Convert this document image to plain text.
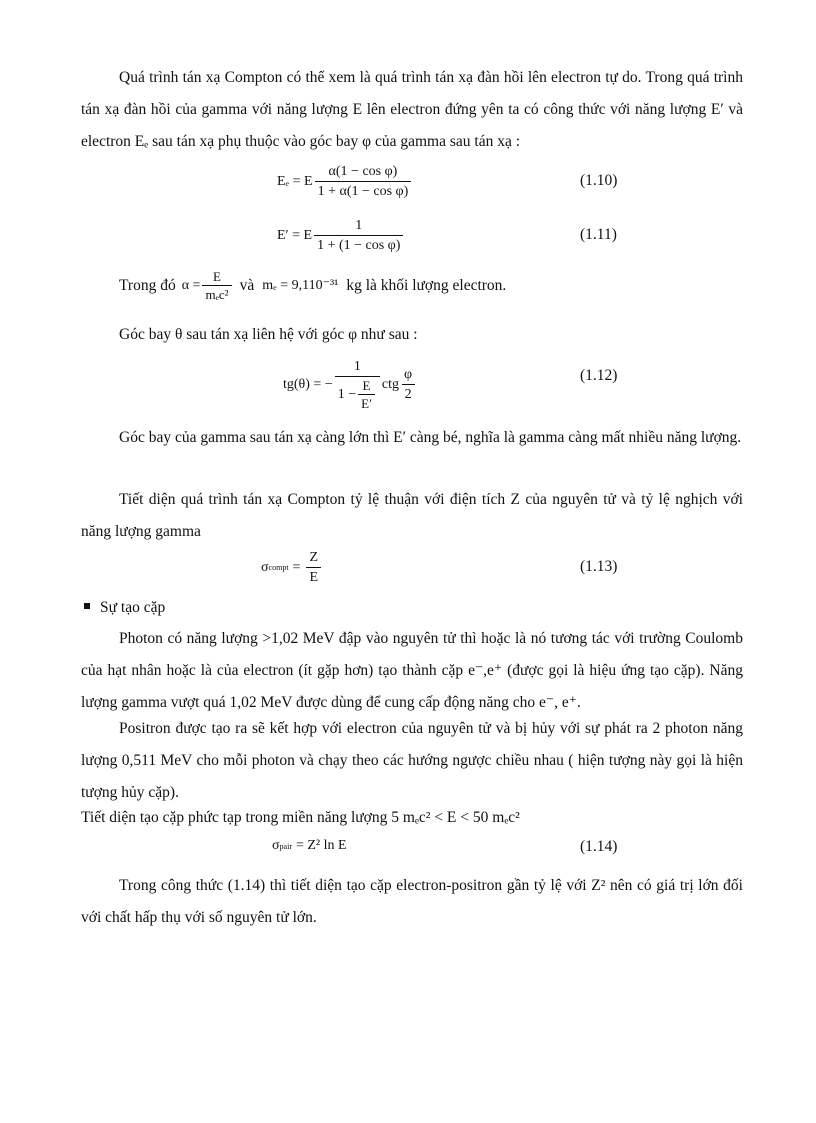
Quá trình tán xạ Compton có thể xem là quá trình tán xạ đàn hồi lên electron tự do. Trong quá trình tán xạ đàn hồi của gamma với năng lượng E lên electron đứng yên ta có công thức với năng lượng E′ và electron Eₑ sau tán xạ phụ thuộc vào góc bay φ của gamma sau tán xạ :

Eₑ = E $\frac{\text{α(1 − cos φ)}}{\text{1 + α(1 − cos φ)}}$	(1.10)
E′ = E $\frac{1}{\text{1 + (1 − cos φ)}}$	(1.11)
Trong đó $\alpha = \frac{E}{\text{mₑc²}}$ và mₑ = 9,110⁻³¹ kg là khối lượng electron.

Góc bay θ sau tán xạ liên hệ với góc φ như sau :

tg(θ) = − $\frac{1}{1 - \frac{E}{E'}}$ ctg $\frac{\varphi}{2}$	(1.12)

Góc bay của gamma sau tán xạ càng lớn thì E′ càng bé, nghĩa là gamma càng mất nhiều năng lượng.

Tiết diện quá trình tán xạ Compton tỷ lệ thuận với điện tích Z của nguyên tử và tỷ lệ nghịch với năng lượng gamma

σ compt = $\frac{Z}{E}$	(1.13)
Sự tạo cặp

Photon có năng lượng >1,02 MeV đập vào nguyên tử thì hoặc là nó tương tác với trường Coulomb của hạt nhân hoặc là của electron (ít gặp hơn) tạo thành cặp e⁻,e⁺ (được gọi là hiệu ứng tạo cặp). Năng lượng gamma vượt quá 1,02 MeV được dùng để cung cấp động năng cho e⁻, e⁺.

Positron được tạo ra sẽ kết hợp với electron của nguyên tử và bị hủy với sự phát ra 2 photon năng lượng 0,511 MeV cho mỗi photon và chạy theo các hướng ngược chiều nhau ( hiện tượng này gọi là hiện tượng hủy cặp).

Tiết diện tạo cặp phức tạp trong miền năng lượng 5 mₑc² < E < 50 mₑc²

σ pair = Z² ln E	(1.14)

Trong công thức (1.14) thì tiết diện tạo cặp electron-positron gần tỷ lệ với Z² nên có giá trị lớn đối với chất hấp thụ với số nguyên tử lớn.
